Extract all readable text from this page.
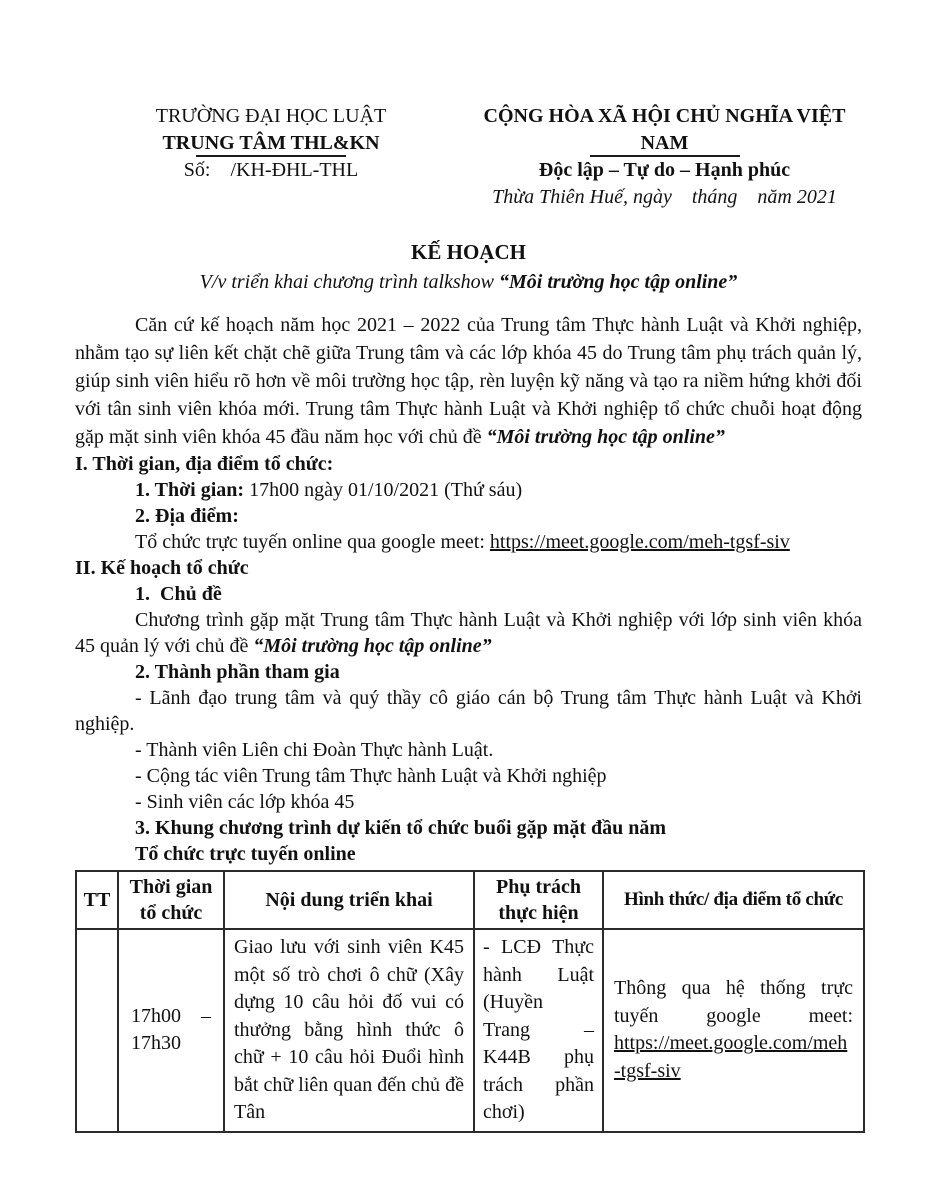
TRƯỜNG ĐẠI HỌC LUẬT
TRUNG TÂM THL&KN
Số:    /KH-ĐHL-THL
CỘNG HÒA XÃ HỘI CHỦ NGHĨA VIỆT NAM
Độc lập – Tự do – Hạnh phúc
Thừa Thiên Huế, ngày    tháng    năm 2021

KẾ HOẠCH

V/v triển khai chương trình talkshow “Môi trường học tập online”

Căn cứ kế hoạch năm học 2021 – 2022 của Trung tâm Thực hành Luật và Khởi nghiệp, nhằm tạo sự liên kết chặt chẽ giữa Trung tâm và các lớp khóa 45 do Trung tâm phụ trách quản lý, giúp sinh viên hiểu rõ hơn về môi trường học tập, rèn luyện kỹ năng và tạo ra niềm hứng khởi đối với tân sinh viên khóa mới. Trung tâm Thực hành Luật và Khởi nghiệp tổ chức chuỗi hoạt động gặp mặt sinh viên khóa 45 đầu năm học với chủ đề “Môi trường học tập online”

I. Thời gian, địa điểm tổ chức:

1. Thời gian: 17h00 ngày 01/10/2021 (Thứ sáu)

2. Địa điểm:

Tổ chức trực tuyến online qua google meet: https://meet.google.com/meh-tgsf-siv

II. Kế hoạch tổ chức

1.  Chủ đề

Chương trình gặp mặt Trung tâm Thực hành Luật và Khởi nghiệp với lớp sinh viên khóa 45 quản lý với chủ đề “Môi trường học tập online”

2. Thành phần tham gia

- Lãnh đạo trung tâm và quý thầy cô giáo cán bộ Trung tâm Thực hành Luật và Khởi nghiệp.

- Thành viên Liên chi Đoàn Thực hành Luật.

- Cộng tác viên Trung tâm Thực hành Luật và Khởi nghiệp

- Sinh viên các lớp khóa 45

3. Khung chương trình dự kiến tổ chức buổi gặp mặt đầu năm

Tổ chức trực tuyến online

TT	Thời gian tổ chức	Nội dung triển khai	Phụ trách thực hiện	Hình thức/ địa điểm tổ chức
	17h00 – 17h30	Giao lưu với sinh viên K45 một số trò chơi ô chữ (Xây dựng 10 câu hỏi đố vui có thưởng bằng hình thức ô chữ + 10 câu hỏi Đuổi hình bắt chữ liên quan đến chủ đề Tân	- LCĐ Thực hành Luật (Huyền Trang – K44B phụ trách phần chơi)	Thông qua hệ thống trực tuyến google meet: https://meet.google.com/meh-tgsf-siv
